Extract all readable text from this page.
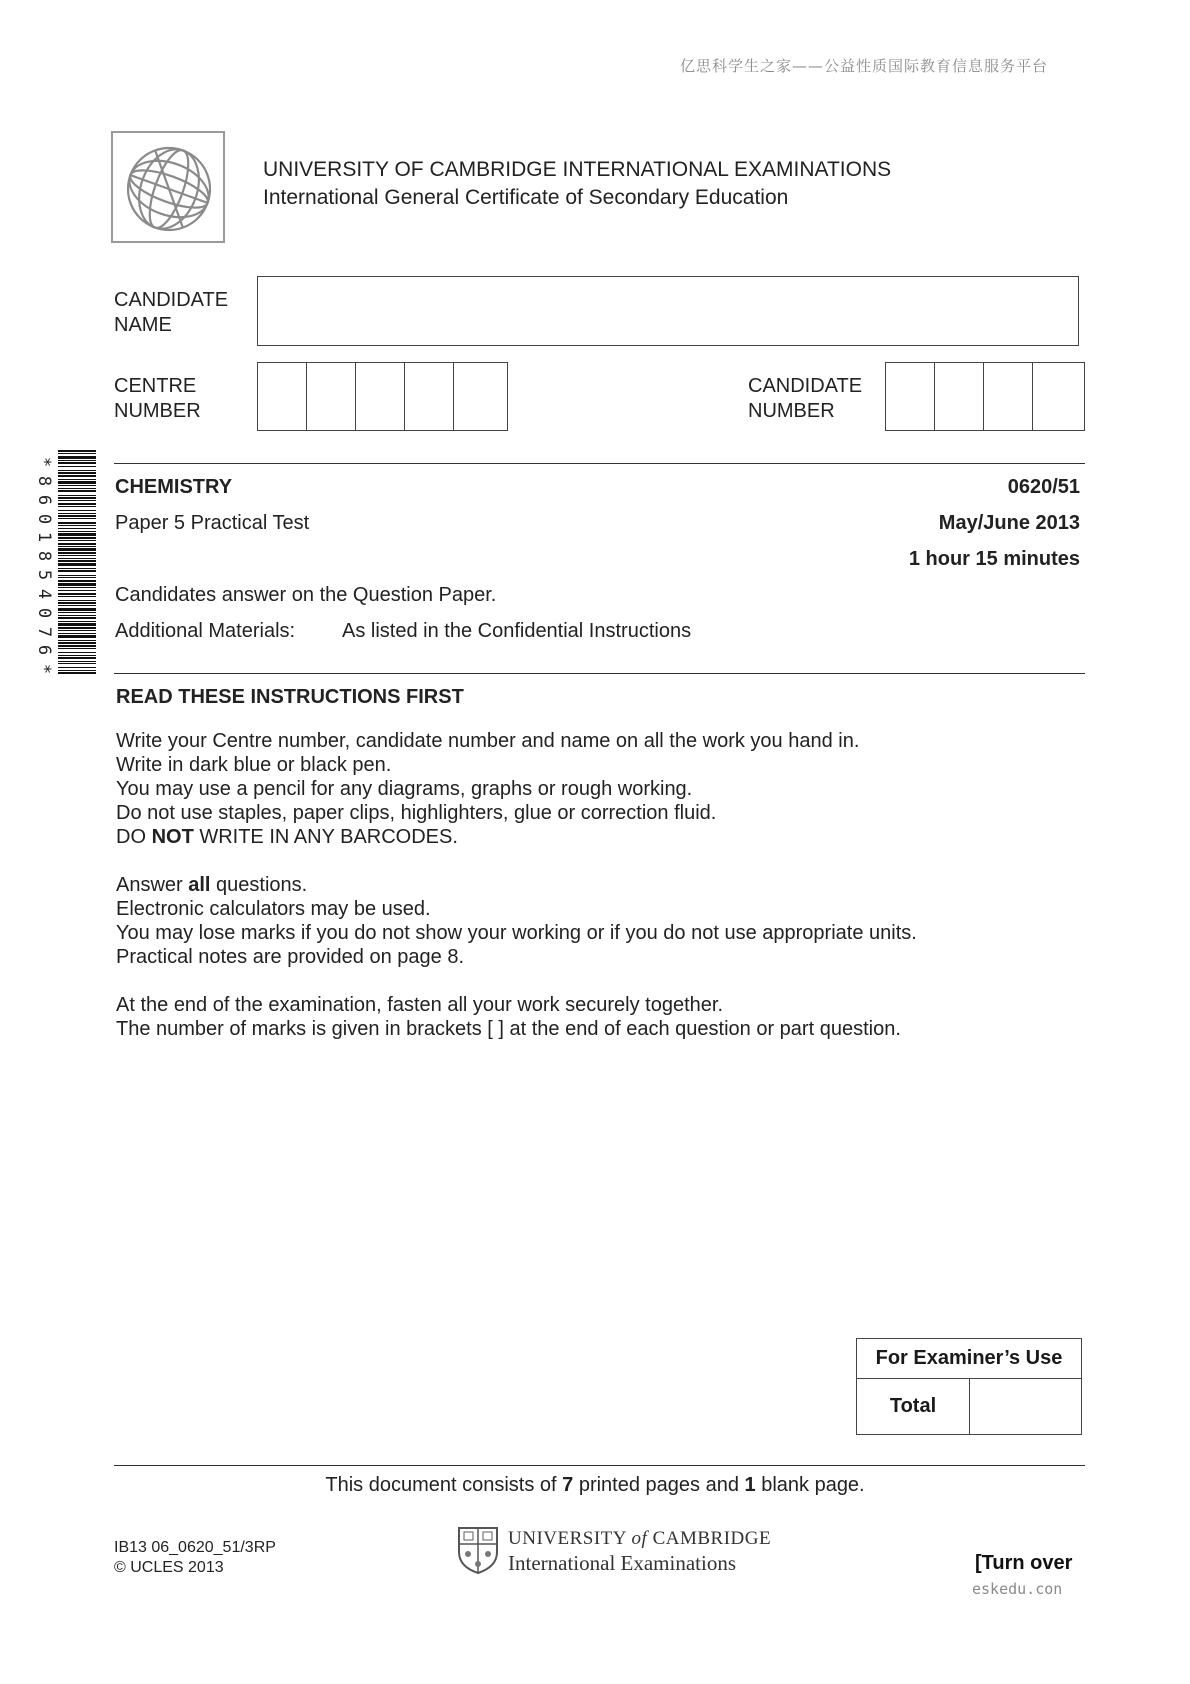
亿思科学生之家——公益性质国际教育信息服务平台
UNIVERSITY OF CAMBRIDGE INTERNATIONAL EXAMINATIONS
International General Certificate of Secondary Education
CANDIDATE
NAME
CENTRE
NUMBER
CANDIDATE
NUMBER
*
8
6
0
1
8
5
4
0
7
6
*
CHEMISTRY	0620/51
Paper 5 Practical Test	May/June 2013
1 hour 15 minutes
Candidates answer on the Question Paper.
Additional Materials: As listed in the Confidential Instructions
READ THESE INSTRUCTIONS FIRST

Write your Centre number, candidate number and name on all the work you hand in.

Write in dark blue or black pen.

You may use a pencil for any diagrams, graphs or rough working.

Do not use staples, paper clips, highlighters, glue or correction fluid.

DO NOT WRITE IN ANY BARCODES.

Answer all questions.

Electronic calculators may be used.

You may lose marks if you do not show your working or if you do not use appropriate units.

Practical notes are provided on page 8.

At the end of the examination, fasten all your work securely together.

The number of marks is given in brackets [ ] at the end of each question or part question.

For Examiner’s Use
Total	
This document consists of 7 printed pages and 1 blank page.
IB13 06_0620_51/3RP
© UCLES 2013
UNIVERSITY of CAMBRIDGE
International Examinations	[Turn over
eskedu.con
